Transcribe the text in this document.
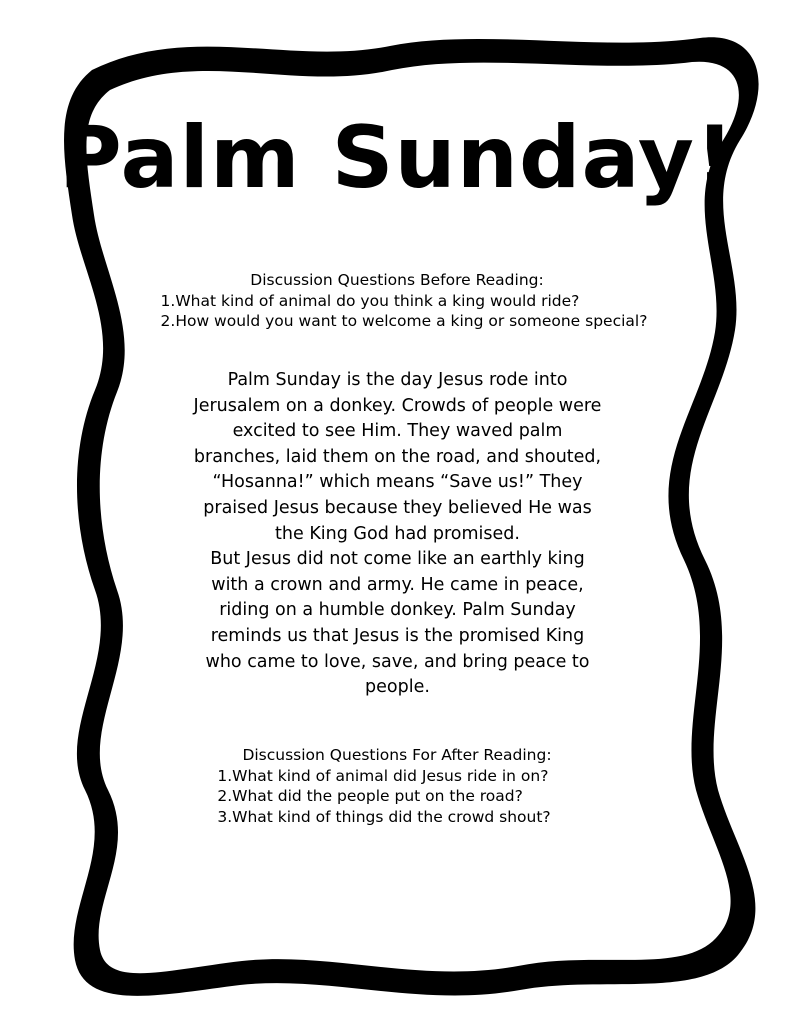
Palm Sunday!

Discussion Questions Before Reading:

1.What kind of animal do you think a king would ride?
2.How would you want to welcome a king or someone special?

Palm Sunday is the day Jesus rode into Jerusalem on a donkey. Crowds of people were excited to see Him. They waved palm branches, laid them on the road, and shouted, “Hosanna!” which means “Save us!” They praised Jesus because they believed He was the King God had promised.

But Jesus did not come like an earthly king with a crown and army. He came in peace, riding on a humble donkey. Palm Sunday reminds us that Jesus is the promised King who came to love, save, and bring peace to people.

Discussion Questions For After Reading:

1.What kind of animal did Jesus ride in on?
2.What did the people put on the road?
3.What kind of things did the crowd shout?
